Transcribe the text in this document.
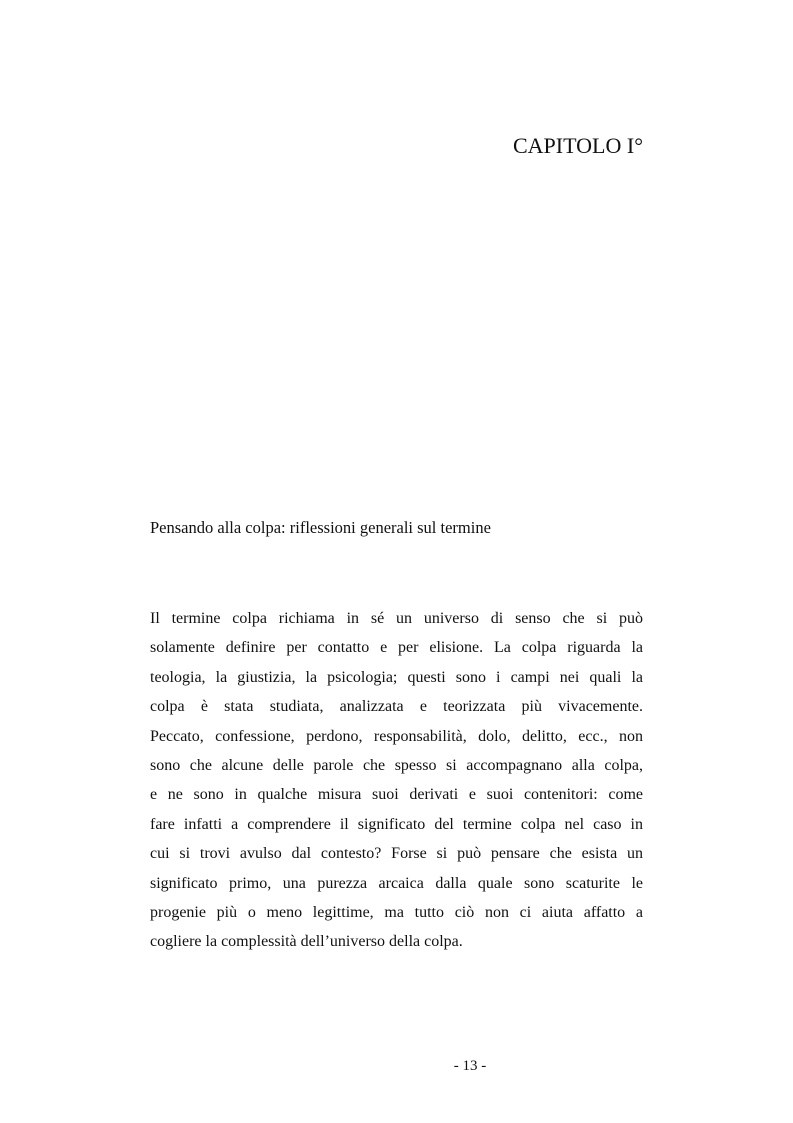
CAPITOLO I°
Pensando alla colpa: riflessioni generali sul termine

Il termine colpa richiama in sé un universo di senso che si può
solamente definire per contatto e per elisione. La colpa riguarda la
teologia, la giustizia, la psicologia; questi sono i campi nei quali la
colpa è stata studiata, analizzata e teorizzata più vivacemente.
Peccato, confessione, perdono, responsabilità, dolo, delitto, ecc., non
sono che alcune delle parole che spesso si accompagnano alla colpa,
e ne sono in qualche misura suoi derivati e suoi contenitori: come
fare infatti a comprendere il significato del termine colpa nel caso in
cui si trovi avulso dal contesto? Forse si può pensare che esista un
significato primo, una purezza arcaica dalla quale sono scaturite le
progenie più o meno legittime, ma tutto ciò non ci aiuta affatto a
cogliere la complessità dell’universo della colpa.

- 13 -
